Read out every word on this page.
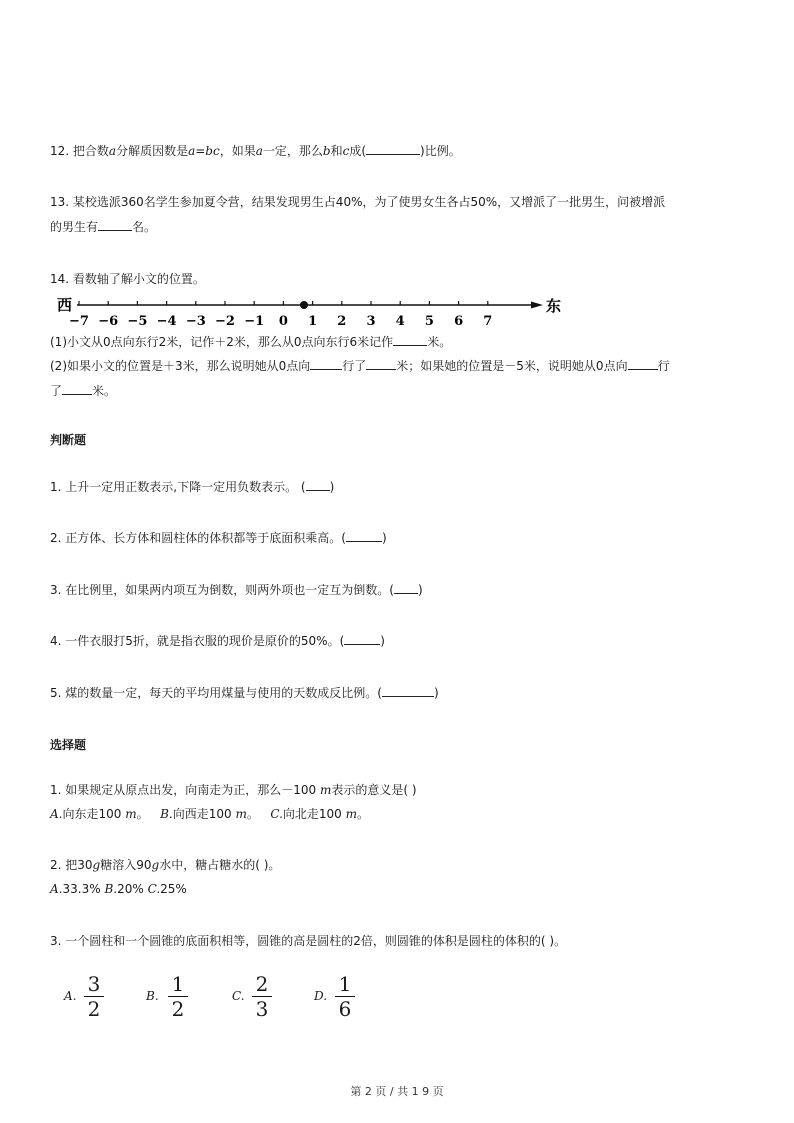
12. 把合数a分解质因数是a=bc，如果a一定，那么b和c成(	)比例。
13. 某校选派360名学生参加夏令营，结果发现男生占40%，为了使男女生各占50%，又增派了一批男生，问被增派
的男生有	名。
14. 看数轴了解小文的位置。
西
−7 −6 −5 −4 −3 −2 −1 0 1 2 3 4 5 6 7
东
(1)小文从0点向东行2米，记作＋2米，那么从0点向东行6米记作	米。
(2)如果小文的位置是＋3米，那么说明她从0点向	行了	米；如果她的位置是－5米，说明她从0点向	行
了	米。
判断题
1. 上升一定用正数表示,下降一定用负数表示。 ( )
2. 正方体、长方体和圆柱体的体积都等于底面积乘高。(	)
3. 在比例里，如果两内项互为倒数，则两外项也一定互为倒数。( )
4. 一件衣服打5折，就是指衣服的现价是原价的50%。(	)
5. 煤的数量一定，每天的平均用煤量与使用的天数成反比例。(	)
选择题
1. 如果规定从原点出发，向南走为正，那么－100 m表示的意义是( )
A.向东走100 m。 B.向西走100 m。 C.向北走100 m。
2. 把30g糖溶入90g水中，糖占糖水的( )。
A.33.3% B.20% C.25%
3. 一个圆柱和一个圆锥的底面积相等，圆锥的高是圆柱的2倍，则圆锥的体积是圆柱的体积的( )。
A. $\frac{3}{2}$	B. $\frac{1}{2}$	C. $\frac{2}{3}$	D. $\frac{1}{6}$
第 2 页 / 共 1 9 页
